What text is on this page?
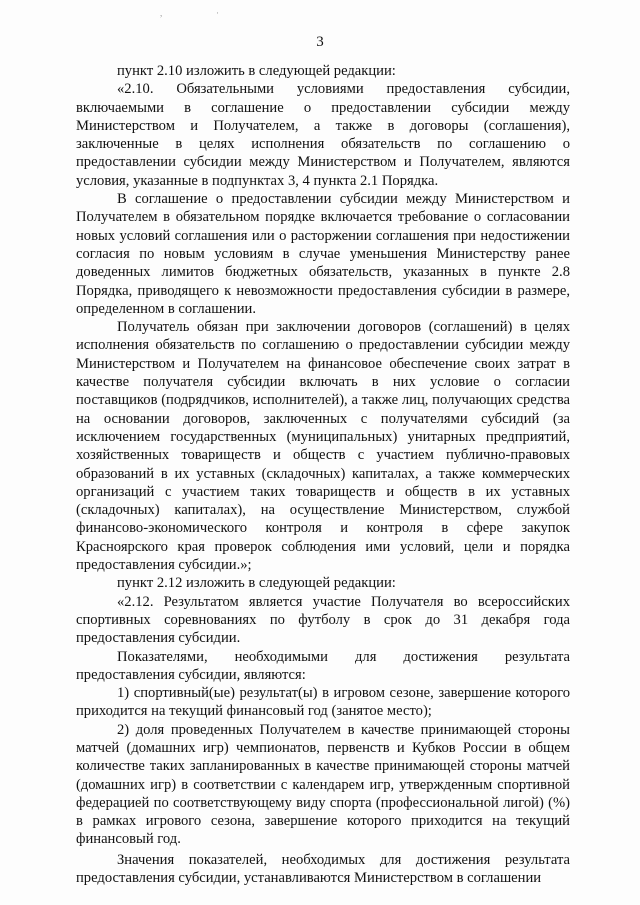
,	·
3

пункт 2.10 изложить в следующей редакции:

«2.10. Обязательными условиями предоставления субсидии, включаемыми в соглашение о предоставлении субсидии между Министерством и Получателем, а также в договоры (соглашения), заключенные в целях исполнения обязательств по соглашению о предоставлении субсидии между Министерством и Получателем, являются условия, указанные в подпунктах 3, 4 пункта 2.1 Порядка.

В соглашение о предоставлении субсидии между Министерством и Получателем в обязательном порядке включается требование о согласовании новых условий соглашения или о расторжении соглашения при недостижении согласия по новым условиям в случае уменьшения Министерству ранее доведенных лимитов бюджетных обязательств, указанных в пункте 2.8 Порядка, приводящего к невозможности предоставления субсидии в размере, определенном в соглашении.

Получатель обязан при заключении договоров (соглашений) в целях исполнения обязательств по соглашению о предоставлении субсидии между Министерством и Получателем на финансовое обеспечение своих затрат в качестве получателя субсидии включать в них условие о согласии поставщиков (подрядчиков, исполнителей), а также лиц, получающих средства на основании договоров, заключенных с получателями субсидий (за исключением государственных (муниципальных) унитарных предприятий, хозяйственных товариществ и обществ с участием публично-правовых образований в их уставных (складочных) капиталах, а также коммерческих организаций с участием таких товариществ и обществ в их уставных (складочных) капиталах), на осуществление Министерством, службой финансово-экономического контроля и контроля в сфере закупок Красноярского края проверок соблюдения ими условий, цели и порядка предоставления субсидии.»;

пункт 2.12 изложить в следующей редакции:

«2.12. Результатом является участие Получателя во всероссийских спортивных соревнованиях по футболу в срок до 31 декабря года предоставления субсидии.

Показателями, необходимыми для достижения результата предоставления субсидии, являются:

1) спортивный(ые) результат(ы) в игровом сезоне, завершение которого приходится на текущий финансовый год (занятое место);

2) доля проведенных Получателем в качестве принимающей стороны матчей (домашних игр) чемпионатов, первенств и Кубков России в общем количестве таких запланированных в качестве принимающей стороны матчей (домашних игр) в соответствии с календарем игр, утвержденным спортивной федерацией по соответствующему виду спорта (профессиональной лигой) (%) в рамках игрового сезона, завершение которого приходится на текущий финансовый год.

Значения показателей, необходимых для достижения результата предоставления субсидии, устанавливаются Министерством в соглашении
